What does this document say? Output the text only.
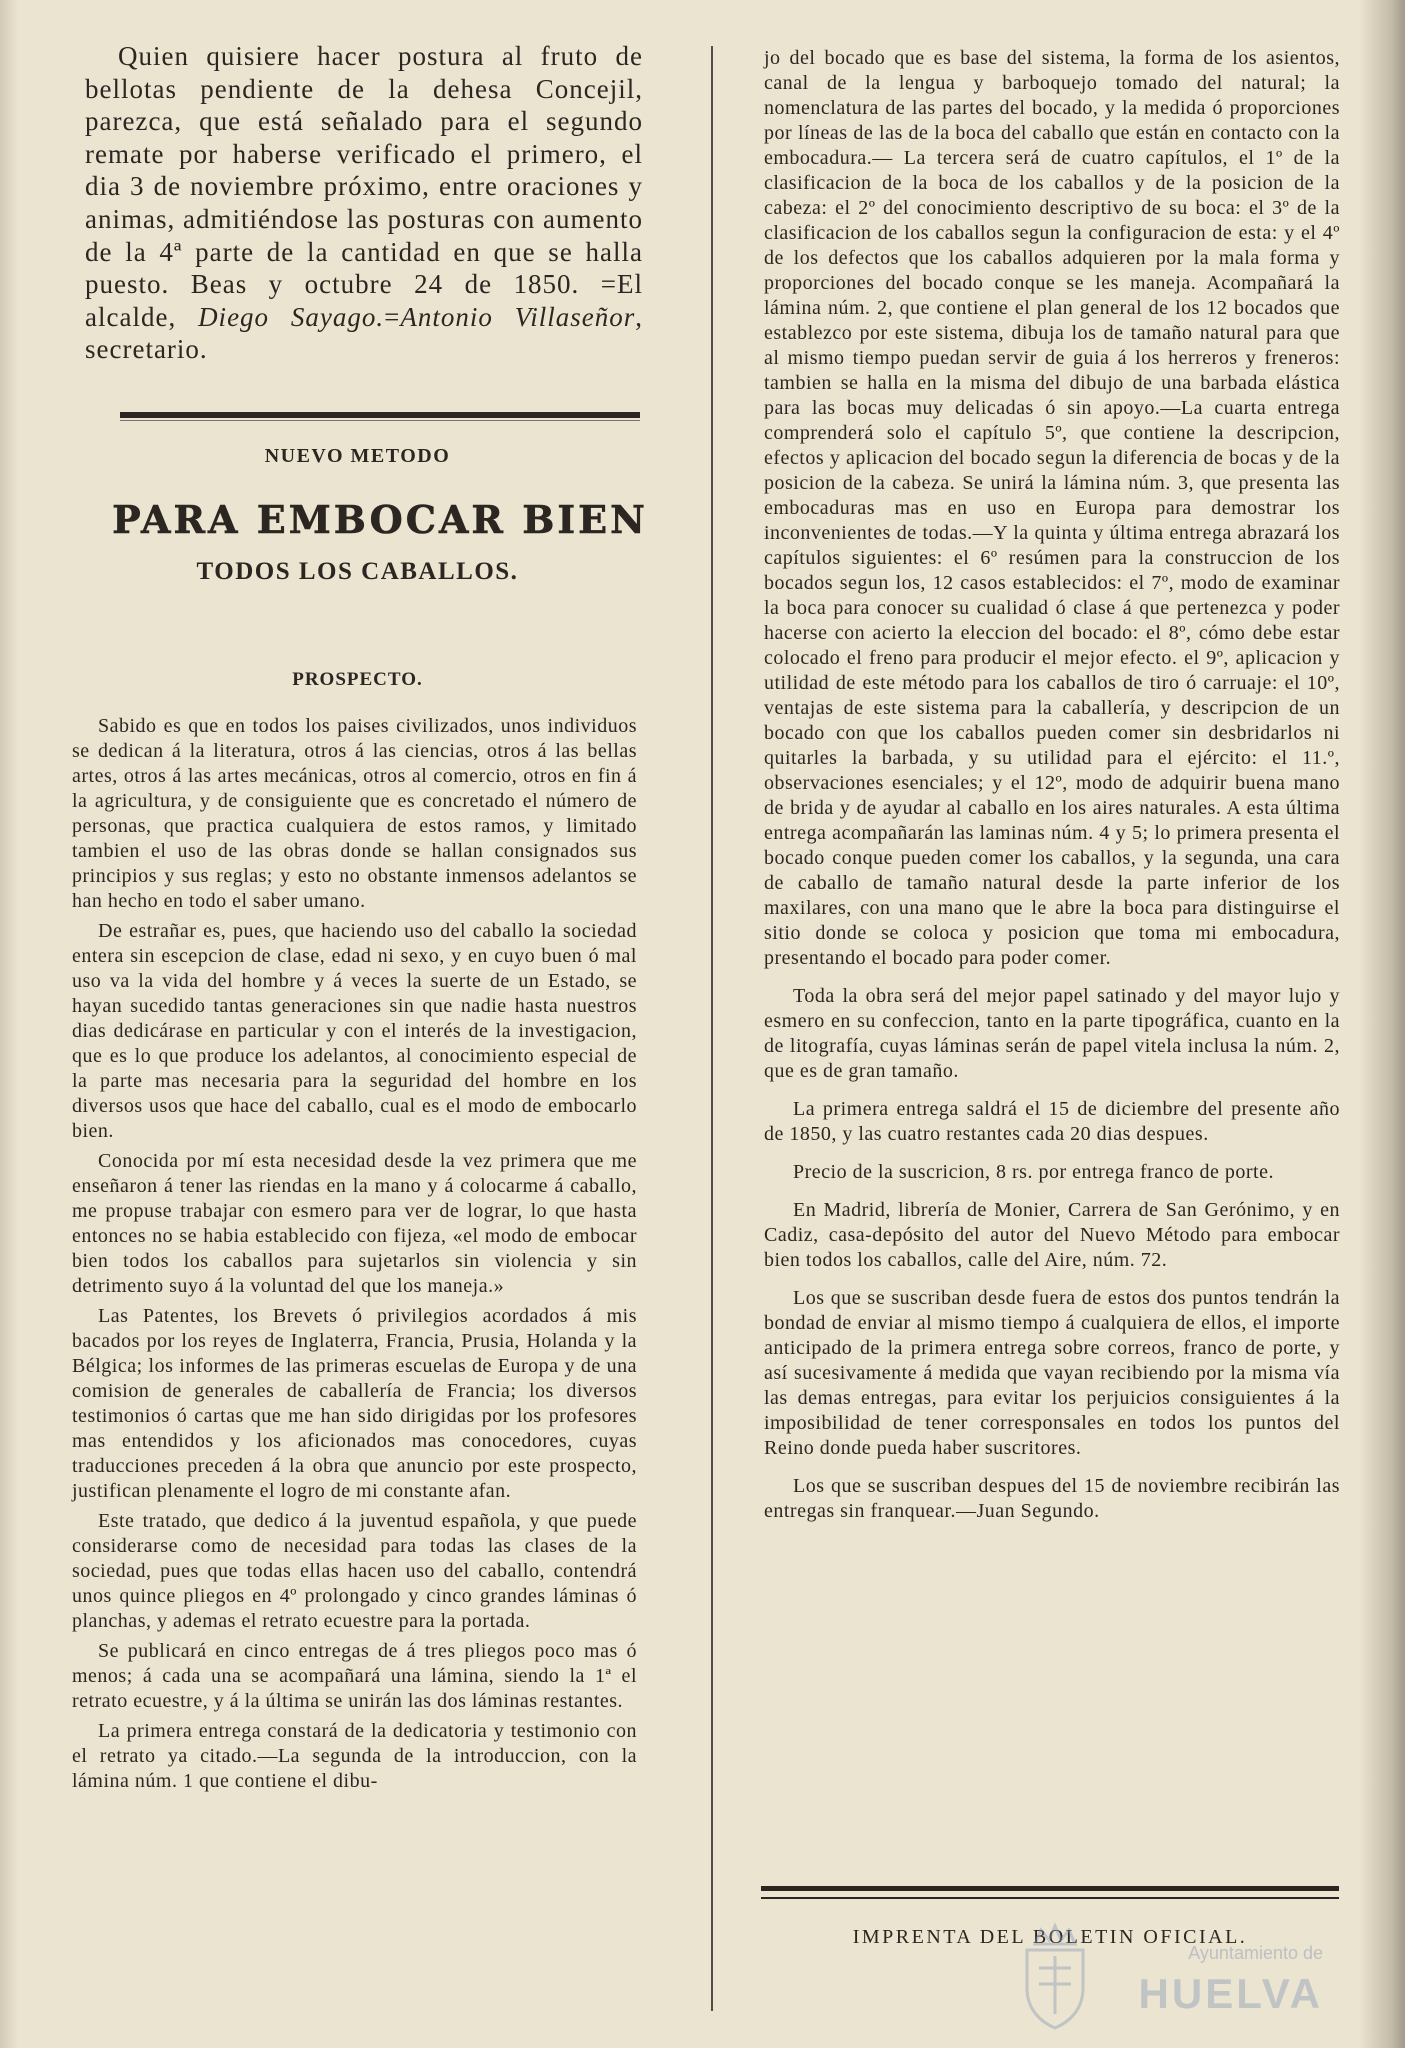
Quien quisiere hacer postura al fruto de bellotas pendiente de la dehesa Concejil, parezca, que está señalado para el segundo remate por haberse verificado el primero, el dia 3 de noviembre próximo, entre oraciones y animas, admitiéndose las posturas con aumento de la 4ª parte de la cantidad en que se halla puesto. Beas y octubre 24 de 1850. =El alcalde, Diego Sayago.=Antonio Villaseñor, secretario.

NUEVO METODO
PARA EMBOCAR BIEN
TODOS LOS CABALLOS.
PROSPECTO.

Sabido es que en todos los paises civilizados, unos individuos se dedican á la literatura, otros á las ciencias, otros á las bellas artes, otros á las artes mecánicas, otros al comercio, otros en fin á la agricultura, y de consiguiente que es concretado el número de personas, que practica cualquiera de estos ramos, y limitado tambien el uso de las obras donde se hallan consignados sus principios y sus reglas; y esto no obstante inmensos adelantos se han hecho en todo el saber umano.

De estrañar es, pues, que haciendo uso del caballo la sociedad entera sin escepcion de clase, edad ni sexo, y en cuyo buen ó mal uso va la vida del hombre y á veces la suerte de un Estado, se hayan sucedido tantas generaciones sin que nadie hasta nuestros dias dedicárase en particular y con el interés de la investigacion, que es lo que produce los adelantos, al conocimiento especial de la parte mas necesaria para la seguridad del hombre en los diversos usos que hace del caballo, cual es el modo de embocarlo bien.

Conocida por mí esta necesidad desde la vez primera que me enseñaron á tener las riendas en la mano y á colocarme á caballo, me propuse trabajar con esmero para ver de lograr, lo que hasta entonces no se habia establecido con fijeza, «el modo de embocar bien todos los caballos para sujetarlos sin violencia y sin detrimento suyo á la voluntad del que los maneja.»

Las Patentes, los Brevets ó privilegios acordados á mis bacados por los reyes de Inglaterra, Francia, Prusia, Holanda y la Bélgica; los informes de las primeras escuelas de Europa y de una comision de generales de caballería de Francia; los diversos testimonios ó cartas que me han sido dirigidas por los profesores mas entendidos y los aficionados mas conocedores, cuyas traducciones preceden á la obra que anuncio por este prospecto, justifican plenamente el logro de mi constante afan.

Este tratado, que dedico á la juventud española, y que puede considerarse como de necesidad para todas las clases de la sociedad, pues que todas ellas hacen uso del caballo, contendrá unos quince pliegos en 4º prolongado y cinco grandes láminas ó planchas, y ademas el retrato ecuestre para la portada.

Se publicará en cinco entregas de á tres pliegos poco mas ó menos; á cada una se acompañará una lámina, siendo la 1ª el retrato ecuestre, y á la última se unirán las dos láminas restantes.

La primera entrega constará de la dedicatoria y testimonio con el retrato ya citado.—La segunda de la introduccion, con la lámina núm. 1 que contiene el dibu-

jo del bocado que es base del sistema, la forma de los asientos, canal de la lengua y barboquejo tomado del natural; la nomenclatura de las partes del bocado, y la medida ó proporciones por líneas de las de la boca del caballo que están en contacto con la embocadura.— La tercera será de cuatro capítulos, el 1º de la clasificacion de la boca de los caballos y de la posicion de la cabeza: el 2º del conocimiento descriptivo de su boca: el 3º de la clasificacion de los caballos segun la configuracion de esta: y el 4º de los defectos que los caballos adquieren por la mala forma y proporciones del bocado conque se les maneja. Acompañará la lámina núm. 2, que contiene el plan general de los 12 bocados que establezco por este sistema, dibuja los de tamaño natural para que al mismo tiempo puedan servir de guia á los herreros y freneros: tambien se halla en la misma del dibujo de una barbada elástica para las bocas muy delicadas ó sin apoyo.—La cuarta entrega comprenderá solo el capítulo 5º, que contiene la descripcion, efectos y aplicacion del bocado segun la diferencia de bocas y de la posicion de la cabeza. Se unirá la lámina núm. 3, que presenta las embocaduras mas en uso en Europa para demostrar los inconvenientes de todas.—Y la quinta y última entrega abrazará los capítulos siguientes: el 6º resúmen para la construccion de los bocados segun los, 12 casos establecidos: el 7º, modo de examinar la boca para conocer su cualidad ó clase á que pertenezca y poder hacerse con acierto la eleccion del bocado: el 8º, cómo debe estar colocado el freno para producir el mejor efecto. el 9º, aplicacion y utilidad de este método para los caballos de tiro ó carruaje: el 10º, ventajas de este sistema para la caballería, y descripcion de un bocado con que los caballos pueden comer sin desbridarlos ni quitarles la barbada, y su utilidad para el ejército: el 11.º, observaciones esenciales; y el 12º, modo de adquirir buena mano de brida y de ayudar al caballo en los aires naturales. A esta última entrega acompañarán las laminas núm. 4 y 5; lo primera presenta el bocado conque pueden comer los caballos, y la segunda, una cara de caballo de tamaño natural desde la parte inferior de los maxilares, con una mano que le abre la boca para distinguirse el sitio donde se coloca y posicion que toma mi embocadura, presentando el bocado para poder comer.

Toda la obra será del mejor papel satinado y del mayor lujo y esmero en su confeccion, tanto en la parte tipográfica, cuanto en la de litografía, cuyas láminas serán de papel vitela inclusa la núm. 2, que es de gran tamaño.

La primera entrega saldrá el 15 de diciembre del presente año de 1850, y las cuatro restantes cada 20 dias despues.

Precio de la suscricion, 8 rs. por entrega franco de porte.

En Madrid, librería de Monier, Carrera de San Gerónimo, y en Cadiz, casa-depósito del autor del Nuevo Método para embocar bien todos los caballos, calle del Aire, núm. 72.

Los que se suscriban desde fuera de estos dos puntos tendrán la bondad de enviar al mismo tiempo á cualquiera de ellos, el importe anticipado de la primera entrega sobre correos, franco de porte, y así sucesivamente á medida que vayan recibiendo por la misma vía las demas entregas, para evitar los perjuicios consiguientes á la imposibilidad de tener corresponsales en todos los puntos del Reino donde pueda haber suscritores.

Los que se suscriban despues del 15 de noviembre recibirán las entregas sin franquear.—Juan Segundo.

IMPRENTA DEL BOLETIN OFICIAL.

Ayuntamiento de

HUELVA
